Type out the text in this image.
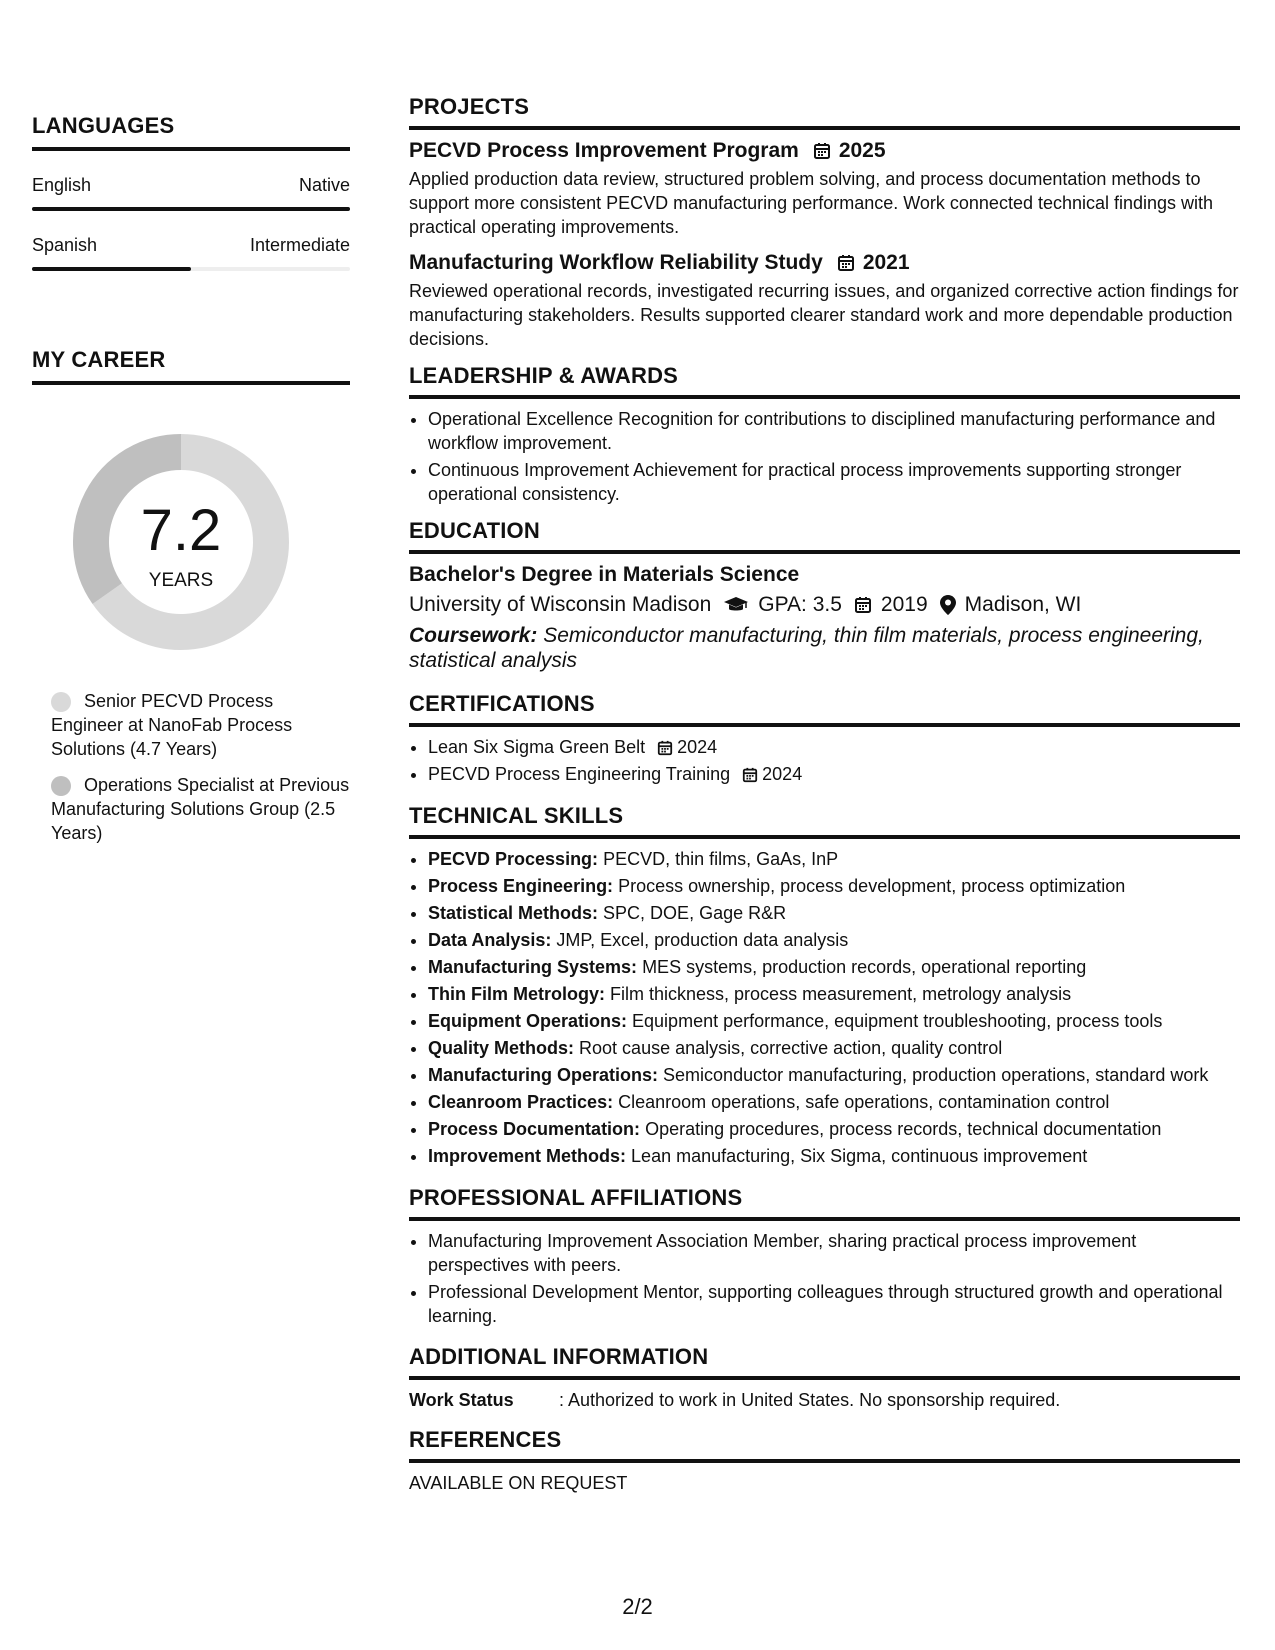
LANGUAGES
English	Native
Spanish	Intermediate
MY CAREER
7.2
YEARS
Senior PECVD Process Engineer at NanoFab Process Solutions (4.7 Years)
Operations Specialist at Previous Manufacturing Solutions Group (2.5 Years)
PROJECTS
PECVD Process Improvement Program 2025
Applied production data review, structured problem solving, and process documentation methods to support more consistent PECVD manufacturing performance. Work connected technical findings with practical operating improvements.
Manufacturing Workflow Reliability Study 2021
Reviewed operational records, investigated recurring issues, and organized corrective action findings for manufacturing stakeholders. Results supported clearer standard work and more dependable production decisions.
LEADERSHIP & AWARDS
• Operational Excellence Recognition for contributions to disciplined manufacturing performance and workflow improvement.
• Continuous Improvement Achievement for practical process improvements supporting stronger operational consistency.
EDUCATION
Bachelor's Degree in Materials Science
University of Wisconsin Madison GPA: 3.5 2019 Madison, WI
Coursework: Semiconductor manufacturing, thin film materials, process engineering, statistical analysis
CERTIFICATIONS
• Lean Six Sigma Green Belt 2024
• PECVD Process Engineering Training 2024
TECHNICAL SKILLS
• PECVD Processing: PECVD, thin films, GaAs, InP
• Process Engineering: Process ownership, process development, process optimization
• Statistical Methods: SPC, DOE, Gage R&R
• Data Analysis: JMP, Excel, production data analysis
• Manufacturing Systems: MES systems, production records, operational reporting
• Thin Film Metrology: Film thickness, process measurement, metrology analysis
• Equipment Operations: Equipment performance, equipment troubleshooting, process tools
• Quality Methods: Root cause analysis, corrective action, quality control
• Manufacturing Operations: Semiconductor manufacturing, production operations, standard work
• Cleanroom Practices: Cleanroom operations, safe operations, contamination control
• Process Documentation: Operating procedures, process records, technical documentation
• Improvement Methods: Lean manufacturing, Six Sigma, continuous improvement
PROFESSIONAL AFFILIATIONS
• Manufacturing Improvement Association Member, sharing practical process improvement perspectives with peers.
• Professional Development Mentor, supporting colleagues through structured growth and operational learning.
ADDITIONAL INFORMATION
Work Status	: Authorized to work in United States. No sponsorship required.
REFERENCES
AVAILABLE ON REQUEST
2/2
